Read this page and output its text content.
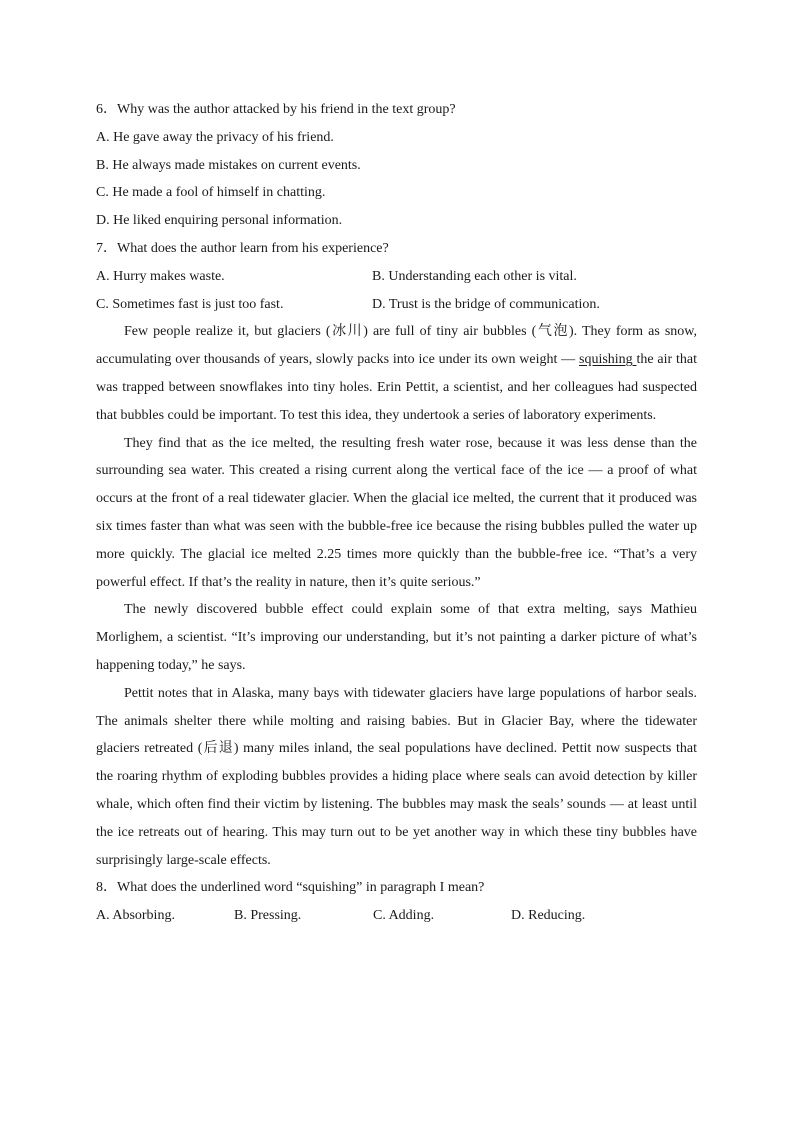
6．Why was the author attacked by his friend in the text group?
A. He gave away the privacy of his friend.
B. He always made mistakes on current events.
C. He made a fool of himself in chatting.
D. He liked enquiring personal information.
7．What does the author learn from his experience?
A. Hurry makes waste.	B. Understanding each other is vital.
C. Sometimes fast is just too fast.	D. Trust is the bridge of communication.

Few people realize it, but glaciers (冰川) are full of tiny air bubbles (气泡). They form as snow, accumulating over thousands of years, slowly packs into ice under its own weight — squishing the air that was trapped between snowflakes into tiny holes. Erin Pettit, a scientist, and her colleagues had suspected that bubbles could be important. To test this idea, they undertook a series of laboratory experiments.

They find that as the ice melted, the resulting fresh water rose, because it was less dense than the surrounding sea water. This created a rising current along the vertical face of the ice — a proof of what occurs at the front of a real tidewater glacier. When the glacial ice melted, the current that it produced was six times faster than what was seen with the bubble-free ice because the rising bubbles pulled the water up more quickly. The glacial ice melted 2.25 times more quickly than the bubble-free ice. “That’s a very powerful effect. If that’s the reality in nature, then it’s quite serious.”

The newly discovered bubble effect could explain some of that extra melting, says Mathieu Morlighem, a scientist. “It’s improving our understanding, but it’s not painting a darker picture of what’s happening today,” he says.

Pettit notes that in Alaska, many bays with tidewater glaciers have large populations of harbor seals. The animals shelter there while molting and raising babies. But in Glacier Bay, where the tidewater glaciers retreated (后退) many miles inland, the seal populations have declined. Pettit now suspects that the roaring rhythm of exploding bubbles provides a hiding place where seals can avoid detection by killer whale, which often find their victim by listening. The bubbles may mask the seals’ sounds — at least until the ice retreats out of hearing. This may turn out to be yet another way in which these tiny bubbles have surprisingly large-scale effects.

8．What does the underlined word “squishing” in paragraph I mean?
A. Absorbing.	B. Pressing.	C. Adding.	D. Reducing.
